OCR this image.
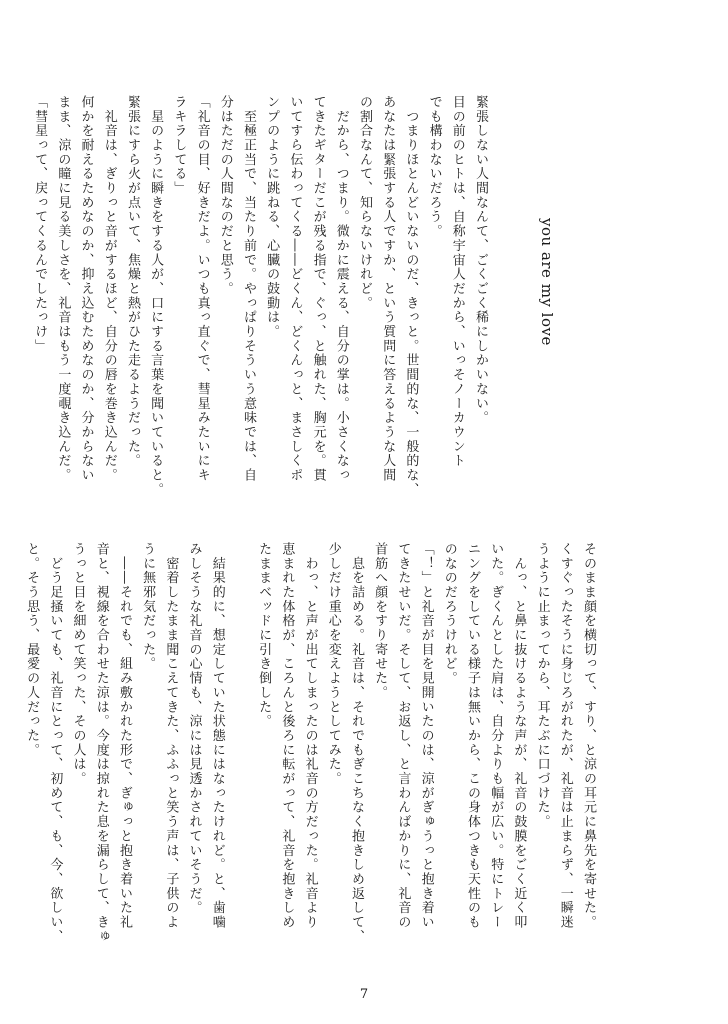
you are my love
緊張しない人間なんて、ごくごく稀にしかいない。
目の前のヒトは、自称宇宙人だから、いっそノーカウント
でも構わないだろう。
　つまりほとんどいないのだ、きっと。世間的な、一般的な、
あなたは緊張する人ですか、という質問に答えるような人間
の割合なんて、知らないけれど。
　だから、つまり。微かに震える、自分の掌は。小さくなっ
てきたギターだこが残る指で、ぐっ、と触れた、胸元を。貫
いてすら伝わってくる――どくん、どくんっと、まさしくポ
ンプのように跳ねる、心臓の鼓動は。
　至極正当で、当たり前で。やっぱりそういう意味では、自
分はただの人間なのだと思う。
「礼音の目、好きだよ。いつも真っ直ぐで、彗星みたいにキ
ラキラしてる」
　星のように瞬きをする人が、口にする言葉を聞いていると。
緊張にすら火が点いて、焦燥と熱がひた走るようだった。
　礼音は、ぎりっと音がするほど、自分の唇を巻き込んだ。
何かを耐えるためなのか、抑え込むためなのか、分からない
まま、涼の瞳に見る美しさを、礼音はもう一度覗き込んだ。
「彗星って、戻ってくるんでしたっけ」
そのまま顔を横切って、すり、と涼の耳元に鼻先を寄せた。
くすぐったそうに身じろがれたが、礼音は止まらず、一瞬迷
うように止まってから、耳たぶに口づけた。
　んっ、と鼻に抜けるような声が、礼音の鼓膜をごく近く叩
いた。ぎくんとした肩は、自分よりも幅が広い。特にトレー
ニングをしている様子は無いから、この身体つきも天性のも
のなのだろうけれど。
「！」と礼音が目を見開いたのは、涼がぎゅうっと抱き着い
てきたせいだ。そして、お返し、と言わんばかりに、礼音の
首筋へ顔をすり寄せた。
　息を詰める。礼音は、それでもぎこちなく抱きしめ返して、
少しだけ重心を変えようとしてみた。
　わっ、と声が出てしまったのは礼音の方だった。礼音より
恵まれた体格が、ころんと後ろに転がって、礼音を抱きしめ
たままベッドに引き倒した。

　結果的に、想定していた状態にはなったけれど。と、歯噛
みしそうな礼音の心情も、涼には見透かされていそうだ。
　密着したまま聞こえてきた、ふふっと笑う声は、子供のよ
うに無邪気だった。
　――それでも、組み敷かれた形で、ぎゅっと抱き着いた礼
音と、視線を合わせた涼は。今度は掠れた息を漏らして、きゅ
うっと目を細めて笑った、その人は。
　どう足掻いても、礼音にとって、初めて、も、今、欲しい、
と。そう思う、最愛の人だった。
7
